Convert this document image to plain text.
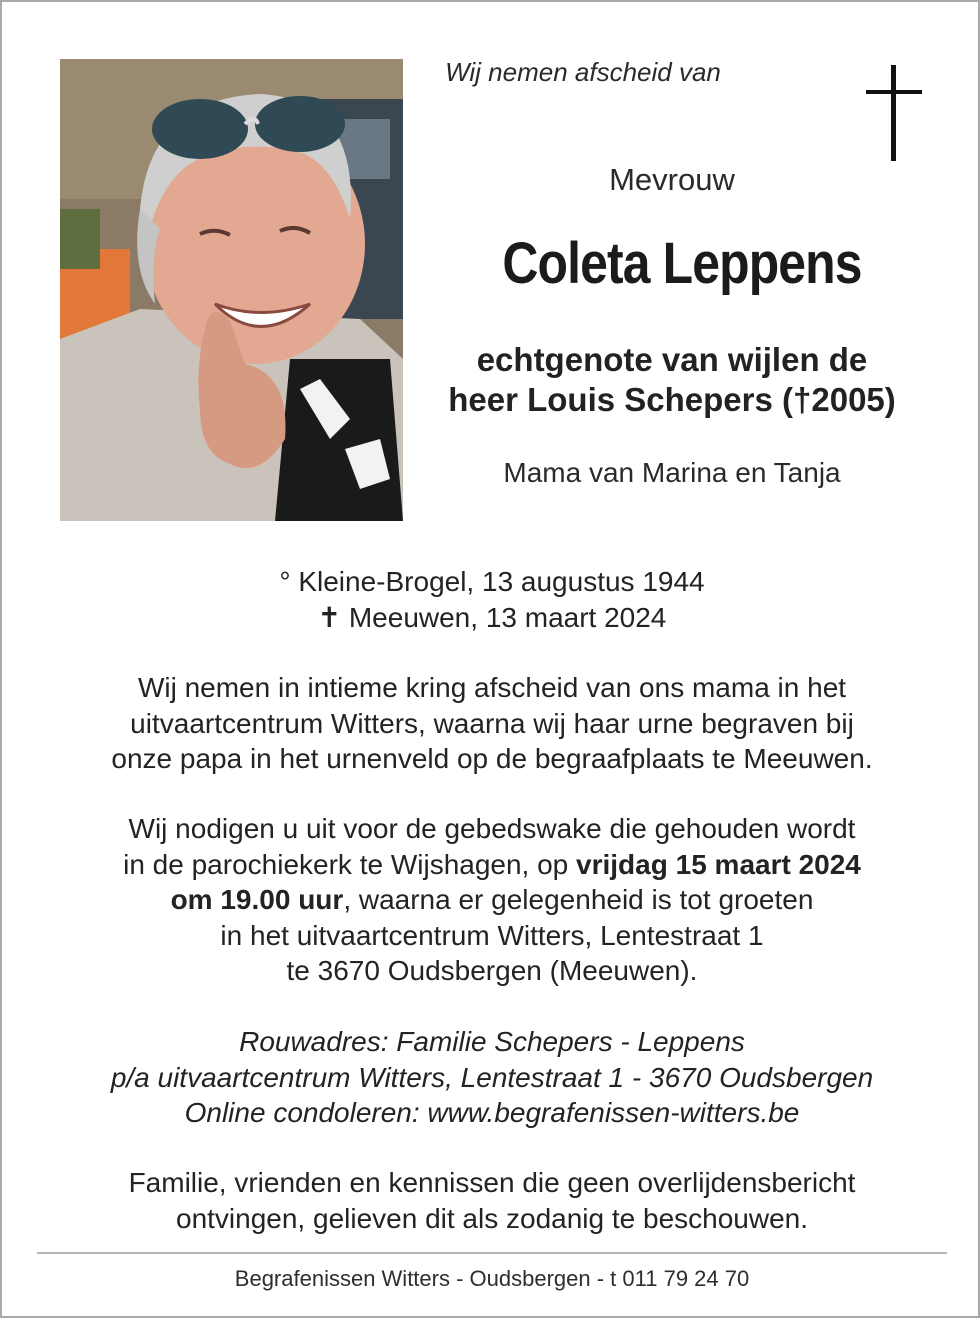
Wij nemen afscheid van
Mevrouw
Coleta Leppens
echtgenote van wijlen de
heer Louis Schepers (†2005)
Mama van Marina en Tanja
° Kleine-Brogel, 13 augustus 1944
✝ Meeuwen, 13 maart 2024
Wij nemen in intieme kring afscheid van ons mama in het
uitvaartcentrum Witters, waarna wij haar urne begraven bij
onze papa in het urnenveld op de begraafplaats te Meeuwen.
Wij nodigen u uit voor de gebedswake die gehouden wordt
in de parochiekerk te Wijshagen, op vrijdag 15 maart 2024
om 19.00 uur, waarna er gelegenheid is tot groeten
in het uitvaartcentrum Witters, Lentestraat 1
te 3670 Oudsbergen (Meeuwen).
Rouwadres: Familie Schepers - Leppens
p/a uitvaartcentrum Witters, Lentestraat 1 - 3670 Oudsbergen
Online condoleren: www.begrafenissen-witters.be
Familie, vrienden en kennissen die geen overlijdensbericht
ontvingen, gelieven dit als zodanig te beschouwen.
Begrafenissen Witters - Oudsbergen - t 011 79 24 70
